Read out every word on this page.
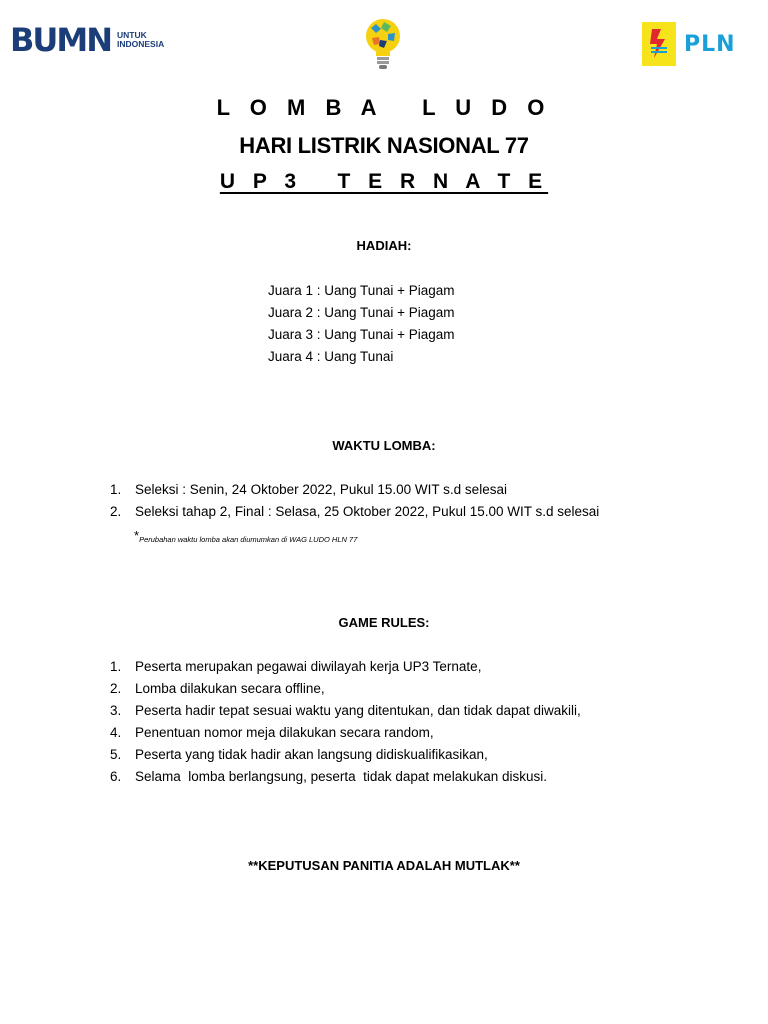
BUMN UNTUK
INDONESIA	PLN
L O M B A   L U D O
HARI LISTRIK NASIONAL 77
U P 3   T E R N A T E
HADIAH:
Juara 1 : Uang Tunai + Piagam
Juara 2 : Uang Tunai + Piagam
Juara 3 : Uang Tunai + Piagam
Juara 4 : Uang Tunai
WAKTU LOMBA:
1.	Seleksi : Senin, 24 Oktober 2022, Pukul 15.00 WIT s.d selesai
2.	Seleksi tahap 2, Final : Selasa, 25 Oktober 2022, Pukul 15.00 WIT s.d selesai
*Perubahan waktu lomba akan diumumkan di WAG LUDO HLN 77
GAME RULES:
1.	Peserta merupakan pegawai diwilayah kerja UP3 Ternate,
2.	Lomba dilakukan secara offline,
3.	Peserta hadir tepat sesuai waktu yang ditentukan, dan tidak dapat diwakili,
4.	Penentuan nomor meja dilakukan secara random,
5.	Peserta yang tidak hadir akan langsung didiskualifikasikan,
6.	Selama  lomba berlangsung, peserta  tidak dapat melakukan diskusi.
**KEPUTUSAN PANITIA ADALAH MUTLAK**
